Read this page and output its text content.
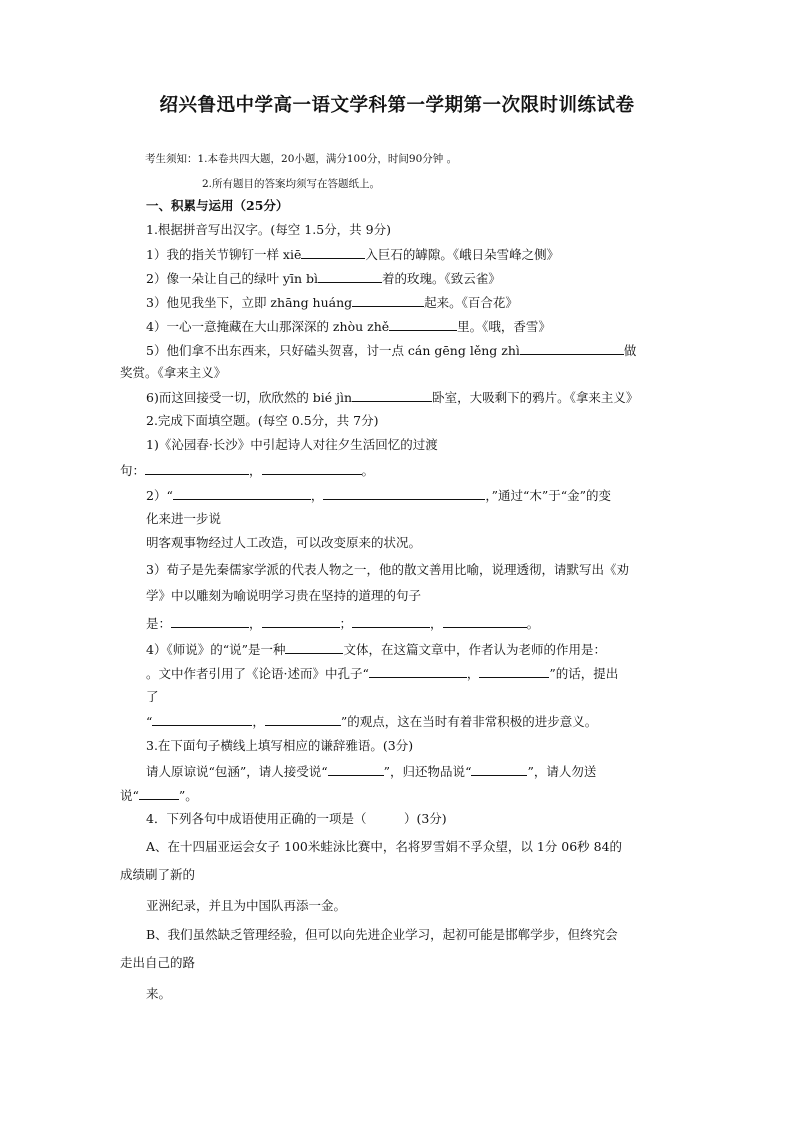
绍兴鲁迅中学高一语文学科第一学期第一次限时训练试卷
考生须知：1.本卷共四大题，20小题，满分100分，时间90分钟 。
2.所有题目的答案均须写在答题纸上。
一、积累与运用（25分）
1.根据拼音写出汉字。(每空 1.5分，共 9分)
1）我的指关节铆钉一样 xiē	入巨石的罅隙。《峨日朵雪峰之侧》
2）像一朵让自己的绿叶 yīn bì	着的玫瑰。《致云雀》
3）他见我坐下，立即 zhāng huáng	起来。《百合花》
4）一心一意掩藏在大山那深深的 zhòu zhě	里。《哦，香雪》
5）他们拿不出东西来，只好磕头贺喜，讨一点 cán gēng lěng zhì	做
奖赏。《拿来主义》
6)而这回接受一切，欣欣然的 bié jìn	卧室，大吸剩下的鸦片。《拿来主义》
2.完成下面填空题。(每空 0.5分，共 7分)
1)《沁园春·长沙》中引起诗人对往夕生活回忆的过渡
句：	，	。
2）“	，	，”通过“木”于“金”的变
化来进一步说
明客观事物经过人工改造，可以改变原来的状况。
3）荀子是先秦儒家学派的代表人物之一，他的散文善用比喻，说理透彻，请默写出《劝
学》中以雕刻为喻说明学习贵在坚持的道理的句子
是：	，	；	，	。
4）《师说》的“说”是一种	文体，在这篇文章中，作者认为老师的作用是：
。文中作者引用了《论语·述而》中孔子“	，	”的话，提出
了
“	，	”的观点，这在当时有着非常积极的进步意义。
3.在下面句子横线上填写相应的谦辞雅语。(3分)
请人原谅说“包涵”，请人接受说“	”，归还物品说“	”，请人勿送
说“	”。
4．下列各句中成语使用正确的一项是（　　　）(3分)
A、在十四届亚运会女子 100米蛙泳比赛中，名将罗雪娟不孚众望，以 1分 06秒 84的
成绩刷了新的
亚洲纪录，并且为中国队再添一金。
B、我们虽然缺乏管理经验，但可以向先进企业学习，起初可能是邯郸学步，但终究会
走出自己的路
来。
